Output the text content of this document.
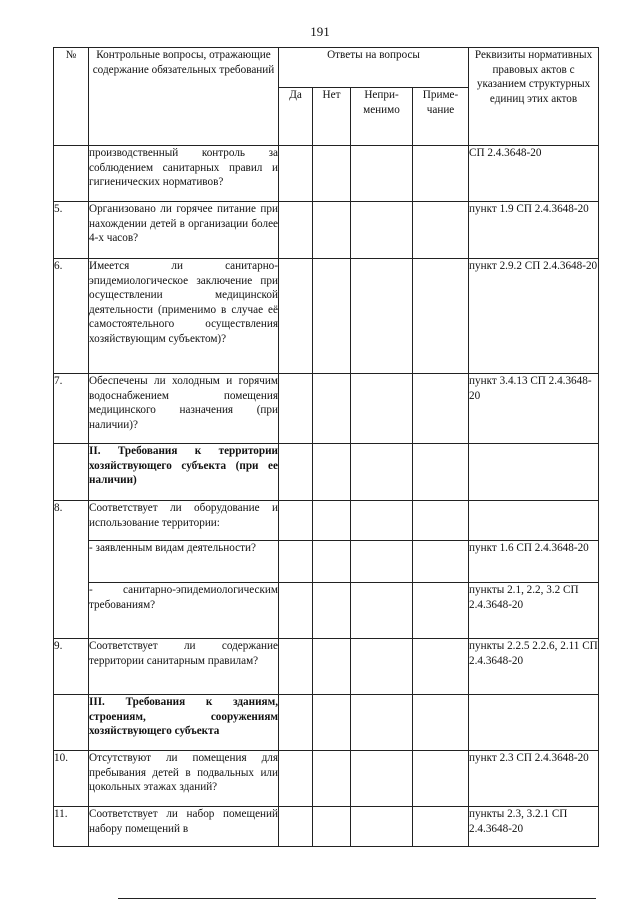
191
№	Контрольные вопросы, отражающие содержание обязательных требований	Ответы на вопросы				Реквизиты нормативных правовых актов с указанием структурных единиц этих актов
		Да	Нет	Непри-менимо	Приме-чание	
	производственный контроль за соблюдением санитарных правил и гигиенических нормативов?					СП 2.4.3648-20
5.	Организовано ли горячее питание при нахождении детей в организации более 4-х часов?					пункт 1.9 СП 2.4.3648-20
6.	Имеется ли санитарно-эпидемиологическое заключение при осуществлении медицинской деятельности (применимо в случае её самостоятельного осуществления хозяйствующим субъектом)?					пункт 2.9.2 СП 2.4.3648-20
7.	Обеспечены ли холодным и горячим водоснабжением помещения медицинского назначения (при наличии)?					пункт 3.4.13 СП 2.4.3648-20
	II. Требования к территории хозяйствующего субъекта (при ее наличии)					
8.	Соответствует ли оборудование и использование территории:					
	- заявленным видам деятельности?					пункт 1.6 СП 2.4.3648-20
	- санитарно-эпидемиологическим требованиям?					пункты 2.1, 2.2, 3.2 СП 2.4.3648-20
9.	Соответствует ли содержание территории санитарным правилам?					пункты 2.2.5 2.2.6, 2.11 СП 2.4.3648-20
	III. Требования к зданиям, строениям, сооружениям хозяйствующего субъекта					
10.	Отсутствуют ли помещения для пребывания детей в подвальных или цокольных этажах зданий?					пункт 2.3 СП 2.4.3648-20
11.	Соответствует ли набор помещений набору помещений в					пункты 2.3, 3.2.1 СП 2.4.3648-20
